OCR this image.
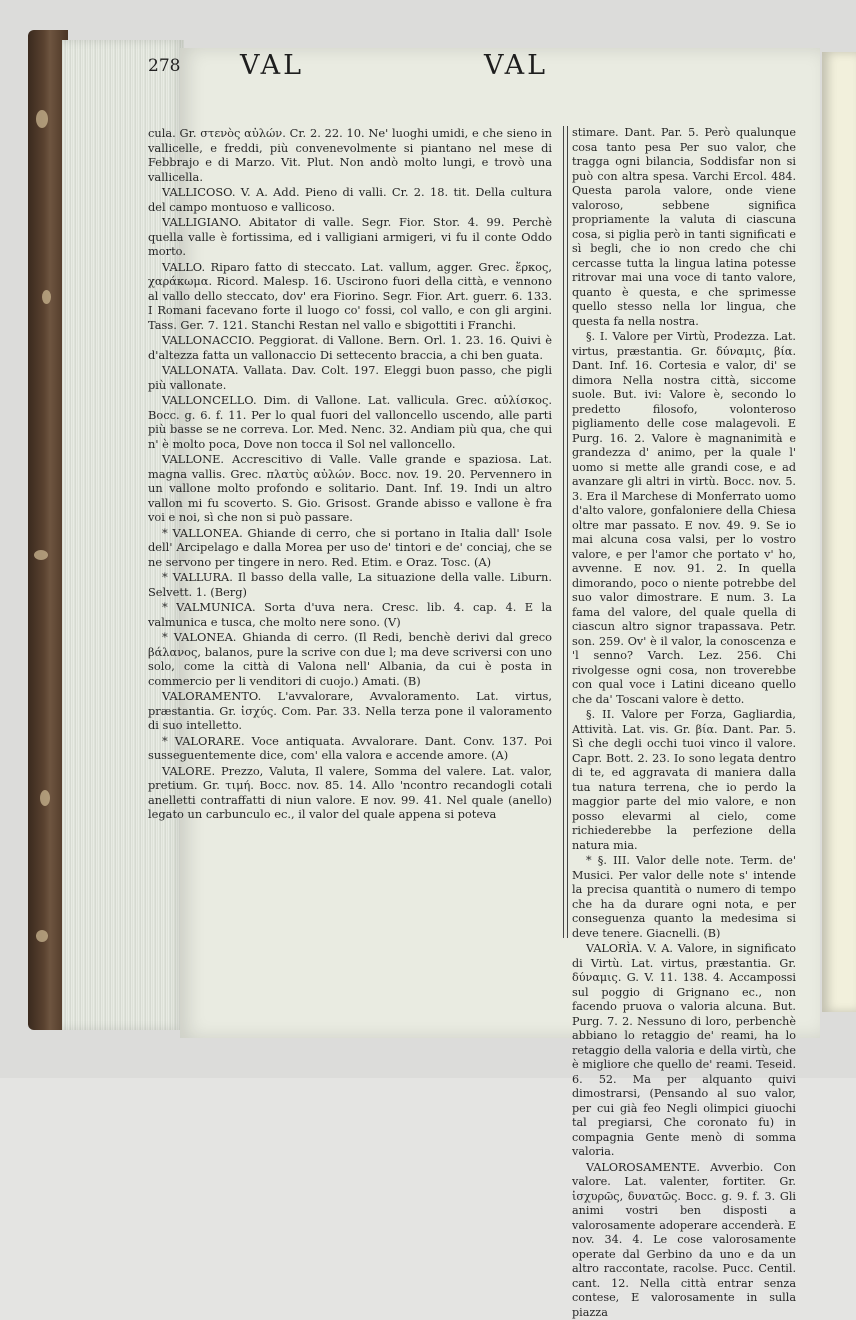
278 VAL	VAL

cula. Gr. στενὸς αὐλών. Cr. 2. 22. 10. Ne' luoghi umidi, e che sieno in vallicelle, e freddi, più convenevolmente si piantano nel mese di Febbrajo e di Marzo. Vit. Plut. Non andò molto lungi, e trovò una vallicella.

VALLICOSO. V. A. Add. Pieno di valli. Cr. 2. 18. tit. Della cultura del campo montuoso e vallicoso.

VALLIGIANO. Abitator di valle. Segr. Fior. Stor. 4. 99. Perchè quella valle è fortissima, ed i valligiani armigeri, vi fu il conte Oddo morto.

VALLO. Riparo fatto di steccato. Lat. vallum, agger. Grec. ἕρκος, χαράκωμα. Ricord. Malesp. 16. Uscirono fuori della città, e vennono al vallo dello steccato, dov' era Fiorino. Segr. Fior. Art. guerr. 6. 133. I Romani facevano forte il luogo co' fossi, col vallo, e con gli argini. Tass. Ger. 7. 121. Stanchi Restan nel vallo e sbigottiti i Franchi.

VALLONACCIO. Peggiorat. di Vallone. Bern. Orl. 1. 23. 16. Quivi è d'altezza fatta un vallonaccio Di settecento braccia, a chi ben guata.

VALLONATA. Vallata. Dav. Colt. 197. Eleggi buon passo, che pigli più vallonate.

VALLONCELLO. Dim. di Vallone. Lat. vallicula. Grec. αὐλίσκος. Bocc. g. 6. f. 11. Per lo qual fuori del valloncello uscendo, alle parti più basse se ne correva. Lor. Med. Nenc. 32. Andiam più qua, che qui n' è molto poca, Dove non tocca il Sol nel valloncello.

VALLONE. Accrescitivo di Valle. Valle grande e spaziosa. Lat. magna vallis. Grec. πλατὺς αὐλών. Bocc. nov. 19. 20. Pervennero in un vallone molto profondo e solitario. Dant. Inf. 19. Indi un altro vallon mi fu scoverto. S. Gio. Grisost. Grande abisso e vallone è fra voi e noi, sì che non si può passare.

* VALLONEA. Ghiande di cerro, che si portano in Italia dall' Isole dell' Arcipelago e dalla Morea per uso de' tintori e de' conciaj, che se ne servono per tingere in nero. Red. Etim. e Oraz. Tosc. (A)

* VALLURA. Il basso della valle, La situazione della valle. Liburn. Selvett. 1. (Berg)

* VALMUNICA. Sorta d'uva nera. Cresc. lib. 4. cap. 4. E la valmunica e tusca, che molto nere sono. (V)

* VALONEA. Ghianda di cerro. (Il Redi, benchè derivi dal greco βάλανος, balanos, pure la scrive con due l; ma deve scriversi con uno solo, come la città di Valona nell' Albania, da cui è posta in commercio per li venditori di cuojo.) Amati. (B)

VALORAMENTO. L'avvalorare, Avvaloramento. Lat. virtus, præstantia. Gr. ἰσχύς. Com. Par. 33. Nella terza pone il valoramento di suo intelletto.

* VALORARE. Voce antiquata. Avvalorare. Dant. Conv. 137. Poi susseguentemente dice, com' ella valora e accende amore. (A)

VALORE. Prezzo, Valuta, Il valere, Somma del valere. Lat. valor, pretium. Gr. τιμή. Bocc. nov. 85. 14. Allo 'ncontro recandogli cotali anelletti contraffatti di niun valore. E nov. 99. 41. Nel quale (anello) legato un carbunculo ec., il valor del quale appena si poteva

stimare. Dant. Par. 5. Però qualunque cosa tanto pesa Per suo valor, che tragga ogni bilancia, Soddisfar non si può con altra spesa. Varchi Ercol. 484. Questa parola valore, onde viene valoroso, sebbene significa propriamente la valuta di ciascuna cosa, si piglia però in tanti significati e sì begli, che io non credo che chi cercasse tutta la lingua latina potesse ritrovar mai una voce di tanto valore, quanto è questa, e che sprimesse quello stesso nella lor lingua, che questa fa nella nostra.

§. I. Valore per Virtù, Prodezza. Lat. virtus, præstantia. Gr. δύναμις, βία. Dant. Inf. 16. Cortesia e valor, di' se dimora Nella nostra città, siccome suole. But. ivi: Valore è, secondo lo predetto filosofo, volonteroso pigliamento delle cose malagevoli. E Purg. 16. 2. Valore è magnanimità e grandezza d' animo, per la quale l' uomo si mette alle grandi cose, e ad avanzare gli altri in virtù. Bocc. nov. 5. 3. Era il Marchese di Monferrato uomo d'alto valore, gonfaloniere della Chiesa oltre mar passato. E nov. 49. 9. Se io mai alcuna cosa valsi, per lo vostro valore, e per l'amor che portato v' ho, avvenne. E nov. 91. 2. In quella dimorando, poco o niente potrebbe del suo valor dimostrare. E num. 3. La fama del valore, del quale quella di ciascun altro signor trapassava. Petr. son. 259. Ov' è il valor, la conoscenza e 'l senno? Varch. Lez. 256. Chi rivolgesse ogni cosa, non troverebbe con qual voce i Latini diceano quello che da' Toscani valore è detto.

§. II. Valore per Forza, Gagliardia, Attività. Lat. vis. Gr. βία. Dant. Par. 5. Sì che degli occhi tuoi vinco il valore. Capr. Bott. 2. 23. Io sono legata dentro di te, ed aggravata di maniera dalla tua natura terrena, che io perdo la maggior parte del mio valore, e non posso elevarmi al cielo, come richiederebbe la perfezione della natura mia.

* §. III. Valor delle note. Term. de' Musici. Per valor delle note s' intende la precisa quantità o numero di tempo che ha da durare ogni nota, e per conseguenza quanto la medesima si deve tenere. Giacnelli. (B)

VALORÌA. V. A. Valore, in significato di Virtù. Lat. virtus, præstantia. Gr. δύναμις. G. V. 11. 138. 4. Accampossi sul poggio di Grignano ec., non facendo pruova o valoria alcuna. But. Purg. 7. 2. Nessuno di loro, perbenchè abbiano lo retaggio de' reami, ha lo retaggio della valoria e della virtù, che è migliore che quello de' reami. Teseid. 6. 52. Ma per alquanto quivi dimostrarsi, (Pensando al suo valor, per cui già feo Negli olimpici giuochi tal pregiarsi, Che coronato fu) in compagnia Gente menò di somma valoria.

VALOROSAMENTE. Avverbio. Con valore. Lat. valenter, fortiter. Gr. ἰσχυρῶς, δυνατῶς. Bocc. g. 9. f. 3. Gli animi vostri ben disposti a valorosamente adoperare accenderà. E nov. 34. 4. Le cose valorosamente operate dal Gerbino da uno e da un altro raccontate, racolse. Pucc. Centil. cant. 12. Nella città entrar senza contese, E valorosamente in sulla piazza
